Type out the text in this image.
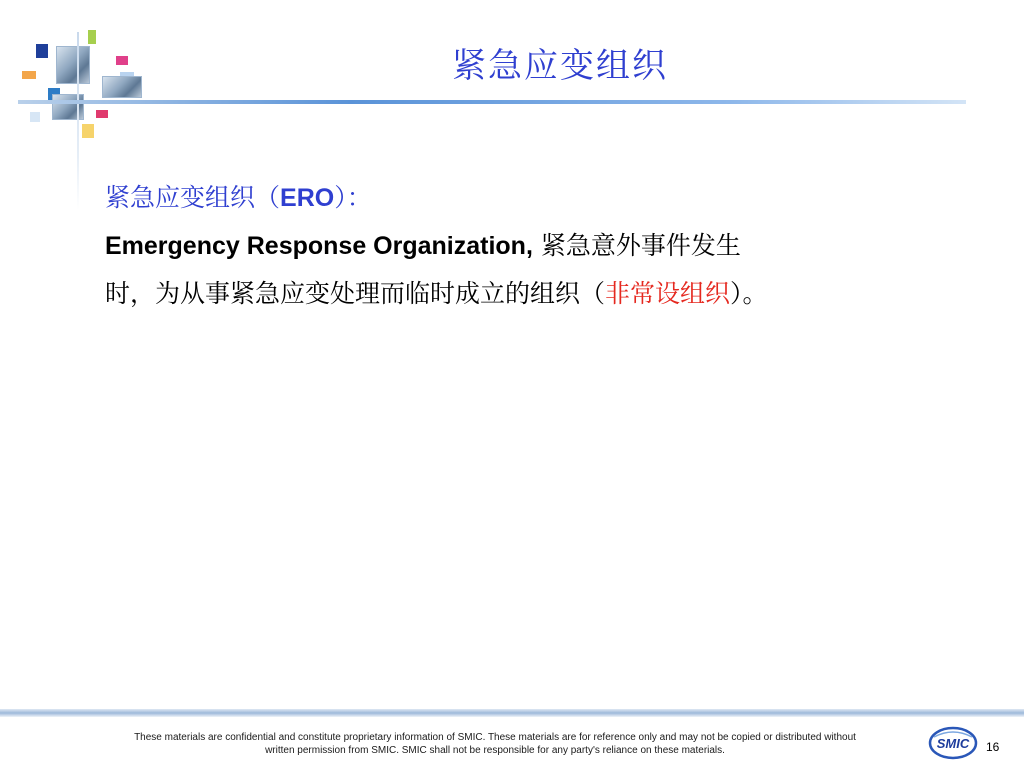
紧急应变组织
紧急应变组织（ERO）：
Emergency Response Organization, 紧急意外事件发生
时，为从事紧急应变处理而临时成立的组织（非常设组织）。
These materials are confidential and constitute proprietary information of SMIC. These materials are for reference only and may not be copied or distributed without
written permission from SMIC. SMIC shall not be responsible for any party's reliance on these materials.	SMIC 16
